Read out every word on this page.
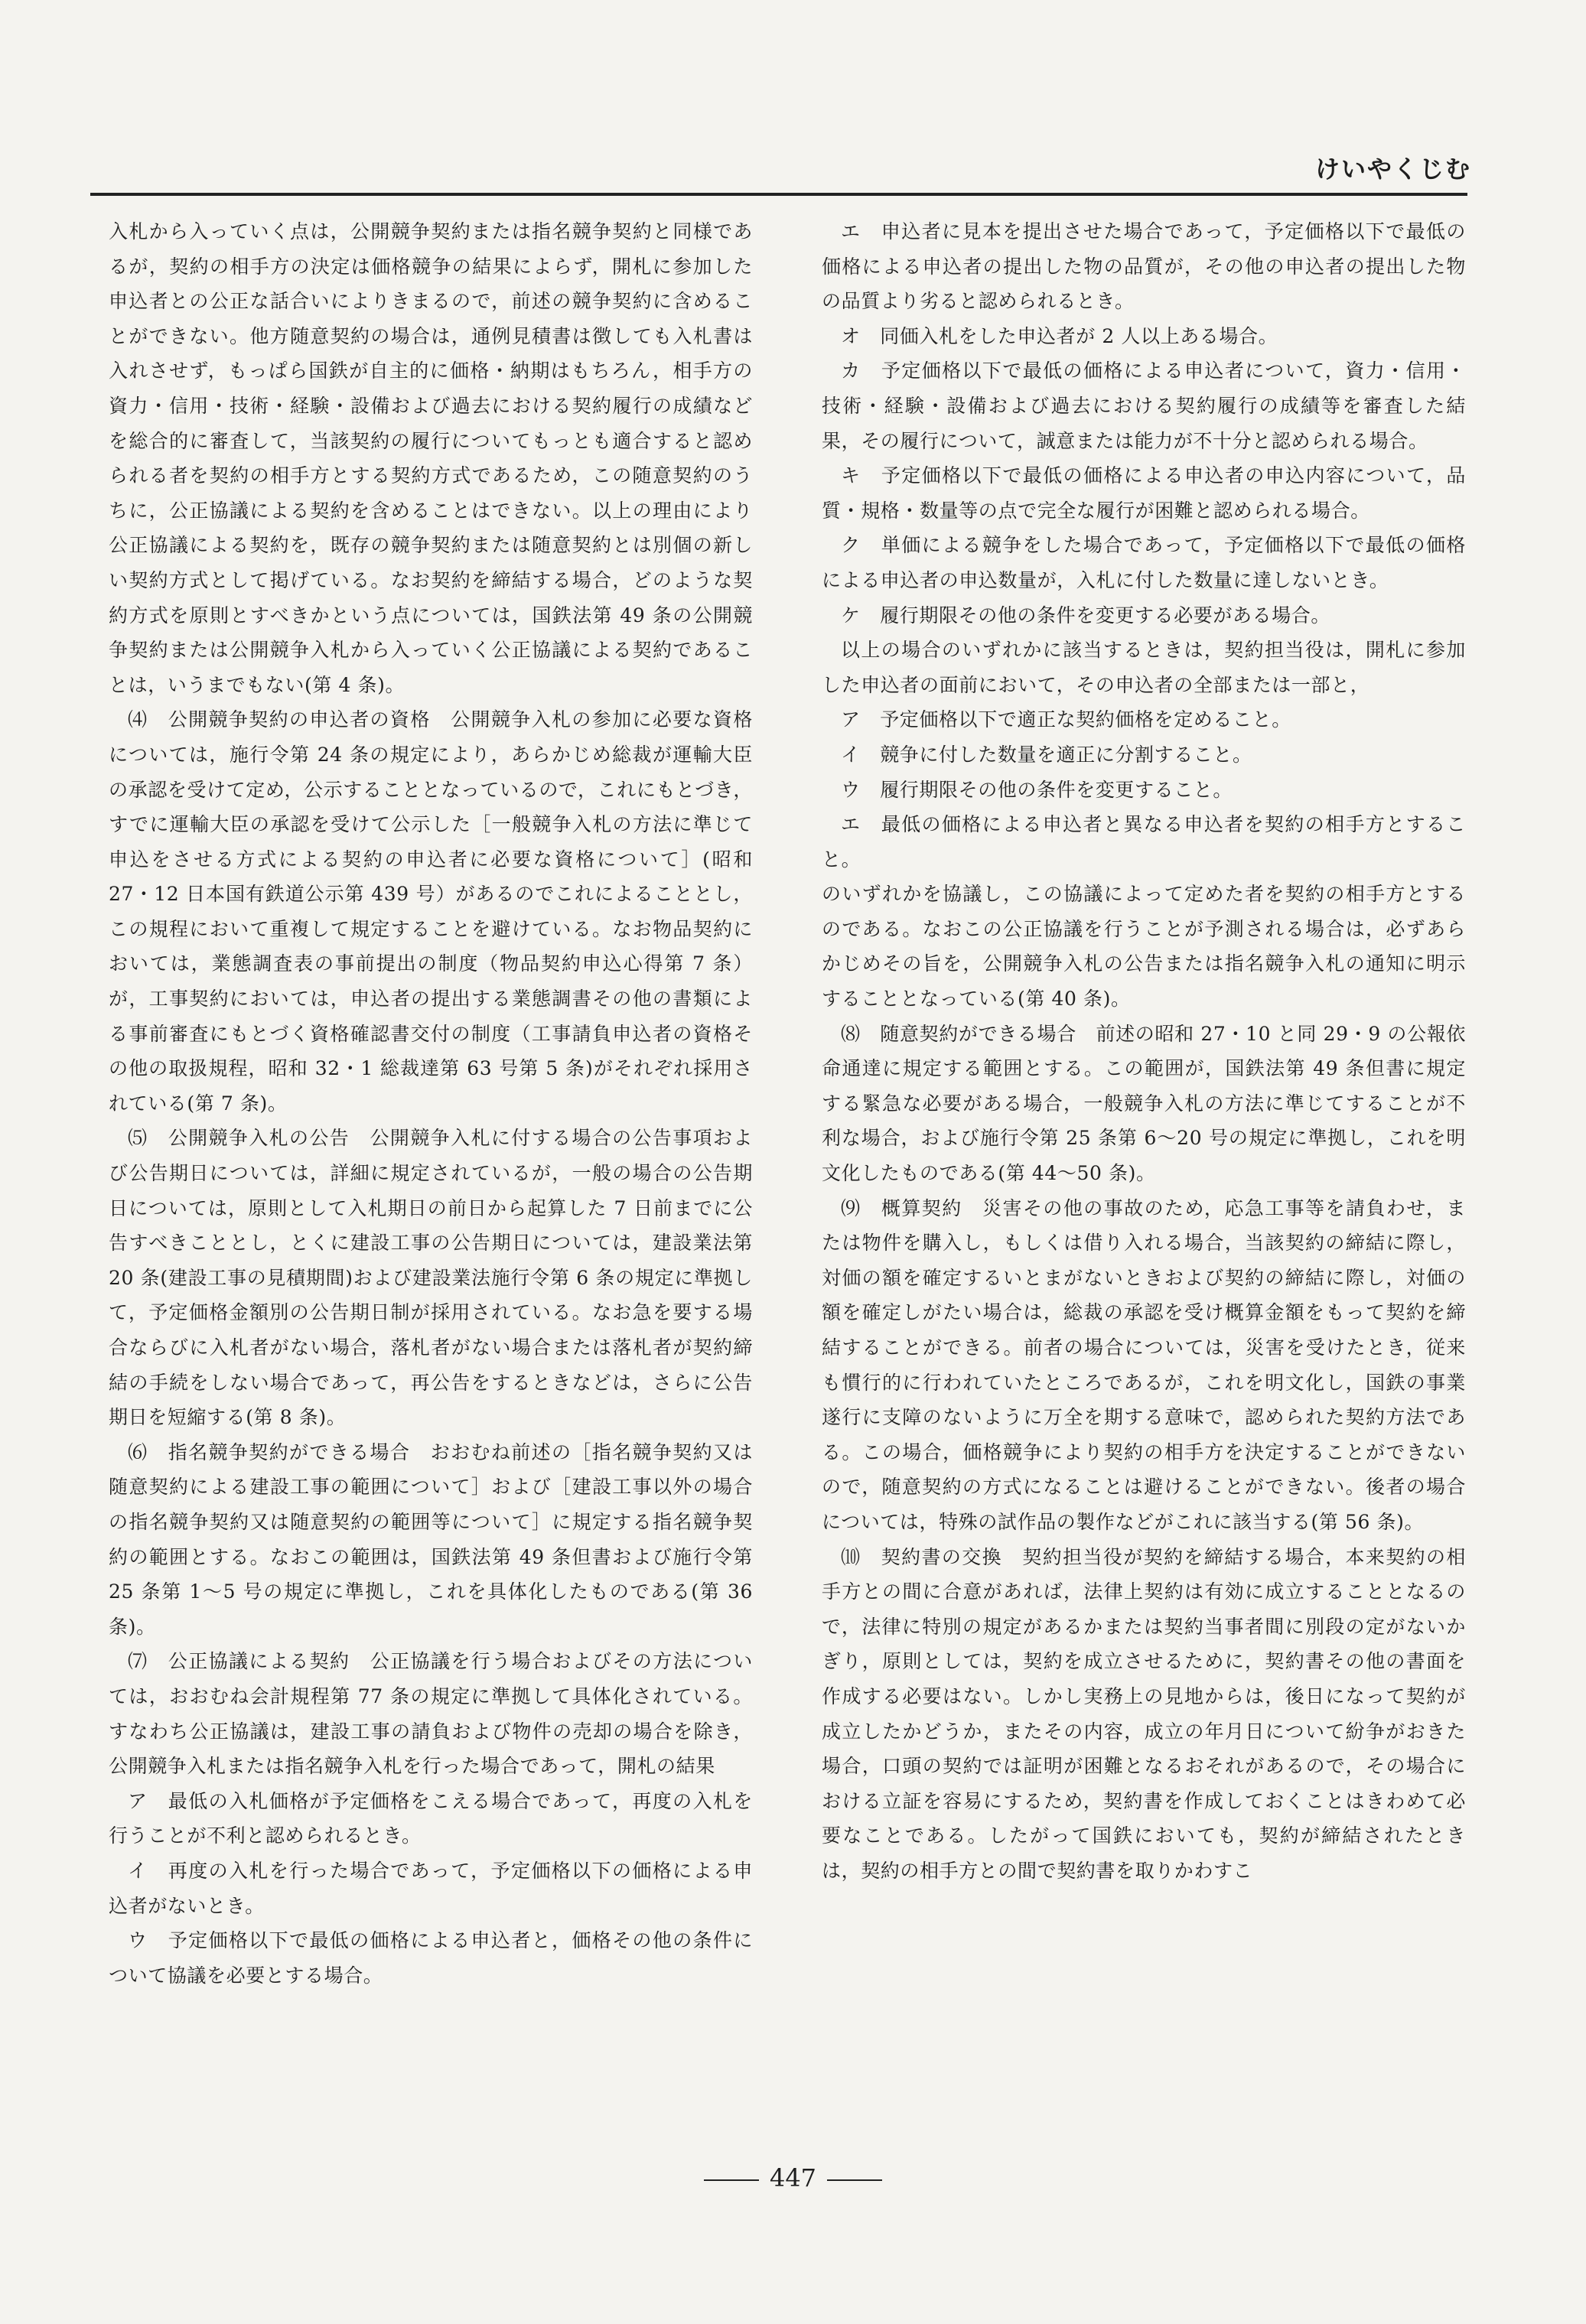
けいやくじむ

入札から入っていく点は，公開競争契約または指名競争契約と同様であるが，契約の相手方の決定は価格競争の結果によらず，開札に参加した申込者との公正な話合いによりきまるので，前述の競争契約に含めることができない。他方随意契約の場合は，通例見積書は徴しても入札書は入れさせず，もっぱら国鉄が自主的に価格・納期はもちろん，相手方の資力・信用・技術・経験・設備および過去における契約履行の成績などを総合的に審査して，当該契約の履行についてもっとも適合すると認められる者を契約の相手方とする契約方式であるため，この随意契約のうちに，公正協議による契約を含めることはできない。以上の理由により公正協議による契約を，既存の競争契約または随意契約とは別個の新しい契約方式として掲げている。なお契約を締結する場合，どのような契約方式を原則とすべきかという点については，国鉄法第 49 条の公開競争契約または公開競争入札から入っていく公正協議による契約であることは，いうまでもない(第 4 条)。

⑷　公開競争契約の申込者の資格　公開競争入札の参加に必要な資格については，施行令第 24 条の規定により，あらかじめ総裁が運輸大臣の承認を受けて定め，公示することとなっているので，これにもとづき，すでに運輸大臣の承認を受けて公示した［一般競争入札の方法に準じて申込をさせる方式による契約の申込者に必要な資格について］(昭和 27・12 日本国有鉄道公示第 439 号）があるのでこれによることとし，この規程において重複して規定することを避けている。なお物品契約においては，業態調査表の事前提出の制度（物品契約申込心得第 7 条）が，工事契約においては，申込者の提出する業態調書その他の書類による事前審査にもとづく資格確認書交付の制度（工事請負申込者の資格その他の取扱規程，昭和 32・1 総裁達第 63 号第 5 条)がそれぞれ採用されている(第 7 条)。

⑸　公開競争入札の公告　公開競争入札に付する場合の公告事項および公告期日については，詳細に規定されているが，一般の場合の公告期日については，原則として入札期日の前日から起算した 7 日前までに公告すべきこととし，とくに建設工事の公告期日については，建設業法第 20 条(建設工事の見積期間)および建設業法施行令第 6 条の規定に準拠して，予定価格金額別の公告期日制が採用されている。なお急を要する場合ならびに入札者がない場合，落札者がない場合または落札者が契約締結の手続をしない場合であって，再公告をするときなどは，さらに公告期日を短縮する(第 8 条)。

⑹　指名競争契約ができる場合　おおむね前述の［指名競争契約又は随意契約による建設工事の範囲について］および［建設工事以外の場合の指名競争契約又は随意契約の範囲等について］に規定する指名競争契約の範囲とする。なおこの範囲は，国鉄法第 49 条但書および施行令第 25 条第 1〜5 号の規定に準拠し，これを具体化したものである(第 36 条)。

⑺　公正協議による契約　公正協議を行う場合およびその方法については，おおむね会計規程第 77 条の規定に準拠して具体化されている。すなわち公正協議は，建設工事の請負および物件の売却の場合を除き，公開競争入札または指名競争入札を行った場合であって，開札の結果

ア　最低の入札価格が予定価格をこえる場合であって，再度の入札を行うことが不利と認められるとき。

イ　再度の入札を行った場合であって，予定価格以下の価格による申込者がないとき。

ウ　予定価格以下で最低の価格による申込者と，価格その他の条件について協議を必要とする場合。

エ　申込者に見本を提出させた場合であって，予定価格以下で最低の価格による申込者の提出した物の品質が，その他の申込者の提出した物の品質より劣ると認められるとき。

オ　同価入札をした申込者が 2 人以上ある場合。

カ　予定価格以下で最低の価格による申込者について，資力・信用・技術・経験・設備および過去における契約履行の成績等を審査した結果，その履行について，誠意または能力が不十分と認められる場合。

キ　予定価格以下で最低の価格による申込者の申込内容について，品質・規格・数量等の点で完全な履行が困難と認められる場合。

ク　単価による競争をした場合であって，予定価格以下で最低の価格による申込者の申込数量が，入札に付した数量に達しないとき。

ケ　履行期限その他の条件を変更する必要がある場合。

以上の場合のいずれかに該当するときは，契約担当役は，開札に参加した申込者の面前において，その申込者の全部または一部と，

ア　予定価格以下で適正な契約価格を定めること。

イ　競争に付した数量を適正に分割すること。

ウ　履行期限その他の条件を変更すること。

エ　最低の価格による申込者と異なる申込者を契約の相手方とすること。

のいずれかを協議し，この協議によって定めた者を契約の相手方とするのである。なおこの公正協議を行うことが予測される場合は，必ずあらかじめその旨を，公開競争入札の公告または指名競争入札の通知に明示することとなっている(第 40 条)。

⑻　随意契約ができる場合　前述の昭和 27・10 と同 29・9 の公報依命通達に規定する範囲とする。この範囲が，国鉄法第 49 条但書に規定する緊急な必要がある場合，一般競争入札の方法に準じてすることが不利な場合，および施行令第 25 条第 6〜20 号の規定に準拠し，これを明文化したものである(第 44〜50 条)。

⑼　概算契約　災害その他の事故のため，応急工事等を請負わせ，または物件を購入し，もしくは借り入れる場合，当該契約の締結に際し，対価の額を確定するいとまがないときおよび契約の締結に際し，対価の額を確定しがたい場合は，総裁の承認を受け概算金額をもって契約を締結することができる。前者の場合については，災害を受けたとき，従来も慣行的に行われていたところであるが，これを明文化し，国鉄の事業遂行に支障のないように万全を期する意味で，認められた契約方法である。この場合，価格競争により契約の相手方を決定することができないので，随意契約の方式になることは避けることができない。後者の場合については，特殊の試作品の製作などがこれに該当する(第 56 条)。

⑽　契約書の交換　契約担当役が契約を締結する場合，本来契約の相手方との間に合意があれば，法律上契約は有効に成立することとなるので，法律に特別の規定があるかまたは契約当事者間に別段の定がないかぎり，原則としては，契約を成立させるために，契約書その他の書面を作成する必要はない。しかし実務上の見地からは，後日になって契約が成立したかどうか，またその内容，成立の年月日について紛争がおきた場合，口頭の契約では証明が困難となるおそれがあるので，その場合における立証を容易にするため，契約書を作成しておくことはきわめて必要なことである。したがって国鉄においても，契約が締結されたときは，契約の相手方との間で契約書を取りかわすこ

447
